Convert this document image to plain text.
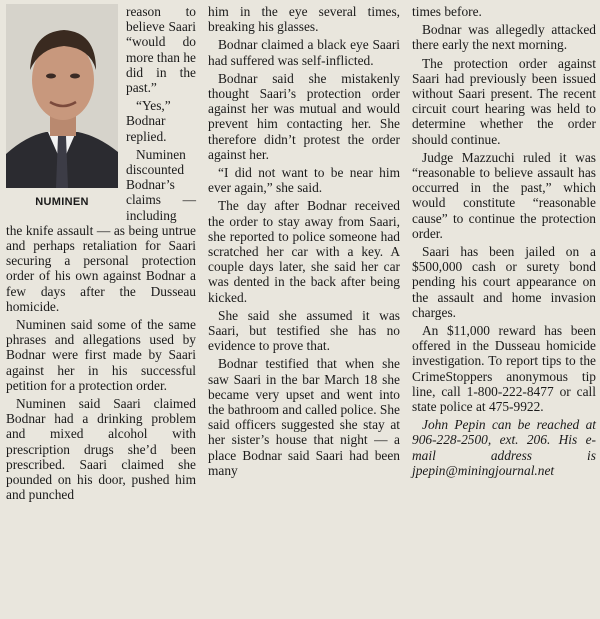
NUMINEN

reason to believe Saari “would do more than he did in the past.”

“Yes,” Bodnar replied.

Numinen discounted Bodnar’s claims — including the knife assault — as being untrue and perhaps retaliation for Saari securing a personal protection order of his own against Bodnar a few days after the Dusseau homicide.

Numinen said some of the same phrases and allegations used by Bodnar were first made by Saari against her in his successful petition for a protection order.

Numinen said Saari claimed Bodnar had a drinking problem and mixed alcohol with prescription drugs she’d been prescribed. Saari claimed she pounded on his door, pushed him and punched

him in the eye several times, breaking his glasses.

Bodnar claimed a black eye Saari had suffered was self-inflicted.

Bodnar said she mistakenly thought Saari’s protection order against her was mutual and would prevent him contacting her. She therefore didn’t protest the order against her.

“I did not want to be near him ever again,” she said.

The day after Bodnar received the order to stay away from Saari, she reported to police someone had scratched her car with a key. A couple days later, she said her car was dented in the back after being kicked.

She said she assumed it was Saari, but testified she has no evidence to prove that.

Bodnar testified that when she saw Saari in the bar March 18 she became very upset and went into the bathroom and called police. She said officers suggested she stay at her sister’s house that night — a place Bodnar said Saari had been many

times before.

Bodnar was allegedly attacked there early the next morning.

The protection order against Saari had previously been issued without Saari present. The recent circuit court hearing was held to determine whether the order should continue.

Judge Mazzuchi ruled it was “reasonable to believe assault has occurred in the past,” which would constitute “reasonable cause” to continue the protection order.

Saari has been jailed on a $500,000 cash or surety bond pending his court appearance on the assault and home invasion charges.

An $11,000 reward has been offered in the Dusseau homicide investigation. To report tips to the CrimeStoppers anonymous tip line, call 1-800-222-8477 or call state police at 475-9922.

John Pepin can be reached at 906-228-2500, ext. 206. His e-mail address is jpepin@miningjournal.net
